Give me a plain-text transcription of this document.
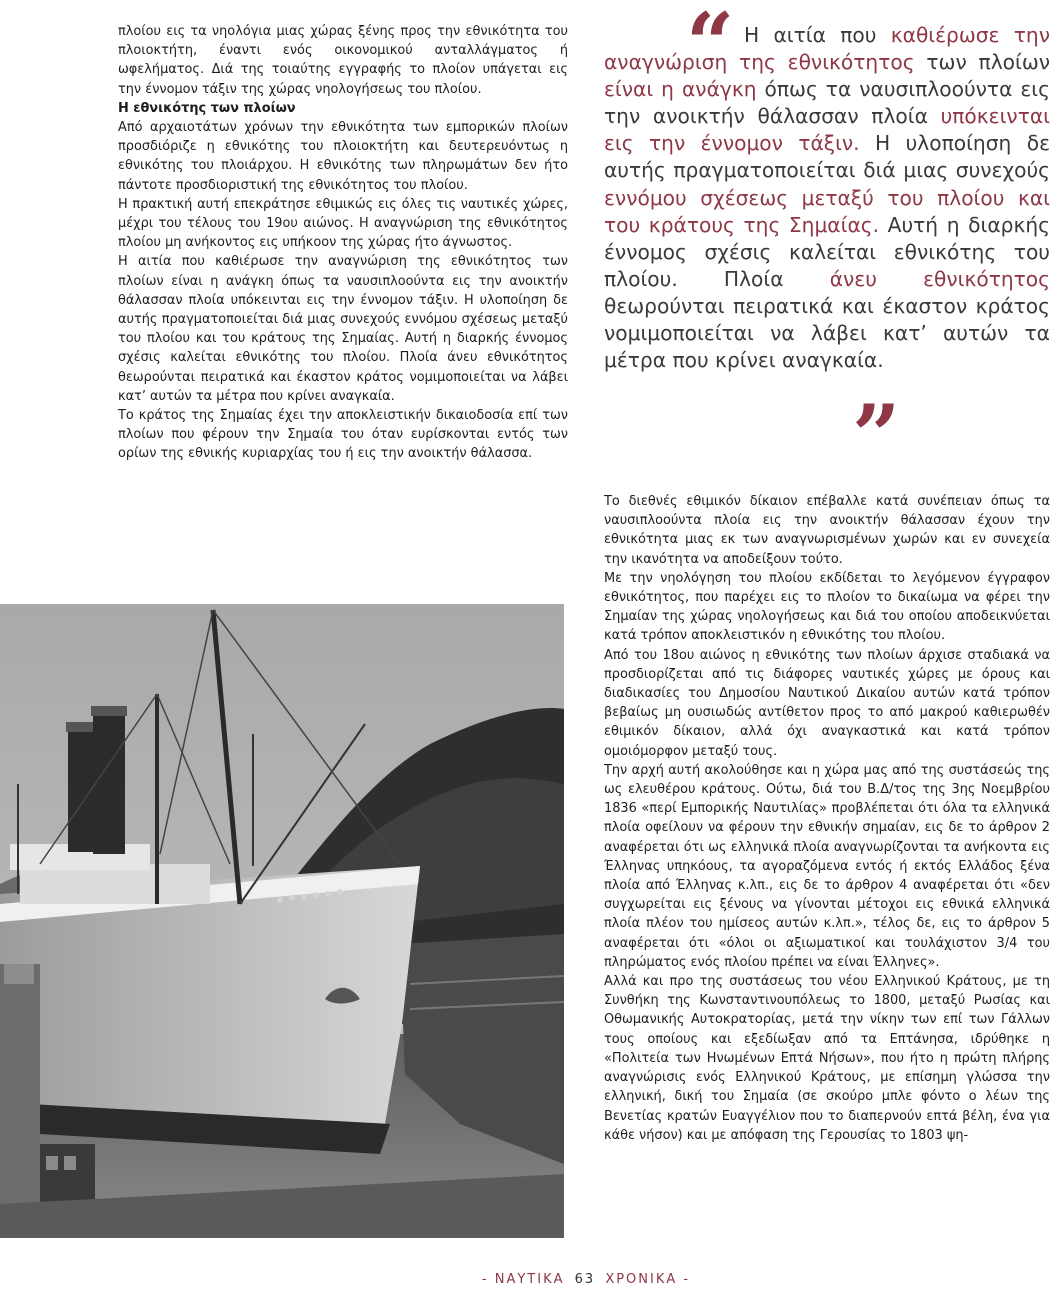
πλοίου εις τα νηολόγια μιας χώρας ξένης προς την εθνικότητα του πλοιοκτήτη, έναντι ενός οικονομικού ανταλλάγματος ή ωφελήματος. Διά της τοιαύτης εγγραφής το πλοίον υπάγεται εις την έννομον τάξιν της χώρας νηολογήσεως του πλοίου.

Η εθνικότης των πλοίων

Από αρχαιοτάτων χρόνων την εθνικότητα των εμπορικών πλοίων προσδιόριζε η εθνικότης του πλοιοκτήτη και δευτερευόντως η εθνικότης του πλοιάρχου. Η εθνικότης των πληρωμάτων δεν ήτο πάντοτε προσδιοριστική της εθνικότητος του πλοίου.

Η πρακτική αυτή επεκράτησε εθιμικώς εις όλες τις ναυτικές χώρες, μέχρι του τέλους του 19ου αιώνος. Η αναγνώριση της εθνικότητος πλοίου μη ανήκοντος εις υπήκοον της χώρας ήτο άγνωστος.

Η αιτία που καθιέρωσε την αναγνώριση της εθνικότητος των πλοίων είναι η ανάγκη όπως τα ναυσιπλοούντα εις την ανοικτήν θάλασσαν πλοία υπόκεινται εις την έννομον τάξιν. Η υλοποίηση δε αυτής πραγματοποιείται διά μιας συνεχούς εννόμου σχέσεως μεταξύ του πλοίου και του κράτους της Σημαίας. Αυτή η διαρκής έννομος σχέσις καλείται εθνικότης του πλοίου. Πλοία άνευ εθνικότητος θεωρούνται πειρατικά και έκαστον κράτος νομιμοποιείται να λάβει κατ’ αυτών τα μέτρα που κρίνει αναγκαία.

Το κράτος της Σημαίας έχει την αποκλειστικήν δικαιοδοσία επί των πλοίων που φέρουν την Σημαία του όταν ευρίσκονται εντός των ορίων της εθνικής κυριαρχίας του ή εις την ανοικτήν θάλασσα.

“ Η αιτία που καθιέρωσε την αναγνώριση της εθνικότητος των πλοίων είναι η ανάγκη όπως τα ναυσιπλοούντα εις την ανοικτήν θάλασσαν πλοία υπόκεινται εις την έννομον τάξιν. Η υλοποίηση δε αυτής πραγματοποιείται διά μιας συνεχούς εννόμου σχέσεως μεταξύ του πλοίου και του κράτους της Σημαίας. Αυτή η διαρκής έννομος σχέσις καλείται εθνικότης του πλοίου. Πλοία άνευ εθνικότητος θεωρούνται πειρατικά και έκαστον κράτος νομιμοποιείται να λάβει κατ’ αυτών τα μέτρα που κρίνει αναγκαία.
”

Το διεθνές εθιμικόν δίκαιον επέβαλλε κατά συνέπειαν όπως τα ναυσιπλοούντα πλοία εις την ανοικτήν θάλασσαν έχουν την εθνικότητα μιας εκ των αναγνωρισμένων χωρών και εν συνεχεία την ικανότητα να αποδείξουν τούτο.

Με την νηολόγηση του πλοίου εκδίδεται το λεγόμενον έγγραφον εθνικότητος, που παρέχει εις το πλοίον το δικαίωμα να φέρει την Σημαίαν της χώρας νηολογήσεως και διά του οποίου αποδεικνύεται κατά τρόπον αποκλειστικόν η εθνικότης του πλοίου.

Από του 18ου αιώνος η εθνικότης των πλοίων άρχισε σταδιακά να προσδιορίζεται από τις διάφορες ναυτικές χώρες με όρους και διαδικασίες του Δημοσίου Ναυτικού Δικαίου αυτών κατά τρόπον βεβαίως μη ουσιωδώς αντίθετον προς το από μακρού καθιερωθέν εθιμικόν δίκαιον, αλλά όχι αναγκαστικά και κατά τρόπον ομοιόμορφον μεταξύ τους.

Την αρχή αυτή ακολούθησε και η χώρα μας από της συστάσεώς της ως ελευθέρου κράτους. Ούτω, διά του Β.Δ/τος της 3ης Νοεμβρίου 1836 «περί Εμπορικής Ναυτιλίας» προβλέπεται ότι όλα τα ελληνικά πλοία οφείλουν να φέρουν την εθνικήν σημαίαν, εις δε το άρθρον 2 αναφέρεται ότι ως ελληνικά πλοία αναγνωρίζονται τα ανήκοντα εις Έλληνας υπηκόους, τα αγοραζόμενα εντός ή εκτός Ελλάδος ξένα πλοία από Έλληνας κ.λπ., εις δε το άρθρον 4 αναφέρεται ότι «δεν συγχωρείται εις ξένους να γίνονται μέτοχοι εις εθνικά ελληνικά πλοία πλέον του ημίσεος αυτών κ.λπ.», τέλος δε, εις το άρθρον 5 αναφέρεται ότι «όλοι οι αξιωματικοί και τουλάχιστον 3/4 του πληρώματος ενός πλοίου πρέπει να είναι Έλληνες».

Αλλά και προ της συστάσεως του νέου Ελληνικού Κράτους, με τη Συνθήκη της Κωνσταντινουπόλεως το 1800, μεταξύ Ρωσίας και Οθωμανικής Αυτοκρατορίας, μετά την νίκην των επί των Γάλλων τους οποίους και εξεδίωξαν από τα Επτάνησα, ιδρύθηκε η «Πολιτεία των Ηνωμένων Επτά Νήσων», που ήτο η πρώτη πλήρης αναγνώρισις ενός Ελληνικού Κράτους, με επίσημη γλώσσα την ελληνική, δική του Σημαία (σε σκούρο μπλε φόντο ο λέων της Βενετίας κρατών Ευαγγέλιον που το διαπερνούν επτά βέλη, ένα για κάθε νήσον) και με απόφαση της Γερουσίας το 1803 ψη-

- ΝΑΥΤΙΚΑ 63 ΧΡΟΝΙΚΑ -
